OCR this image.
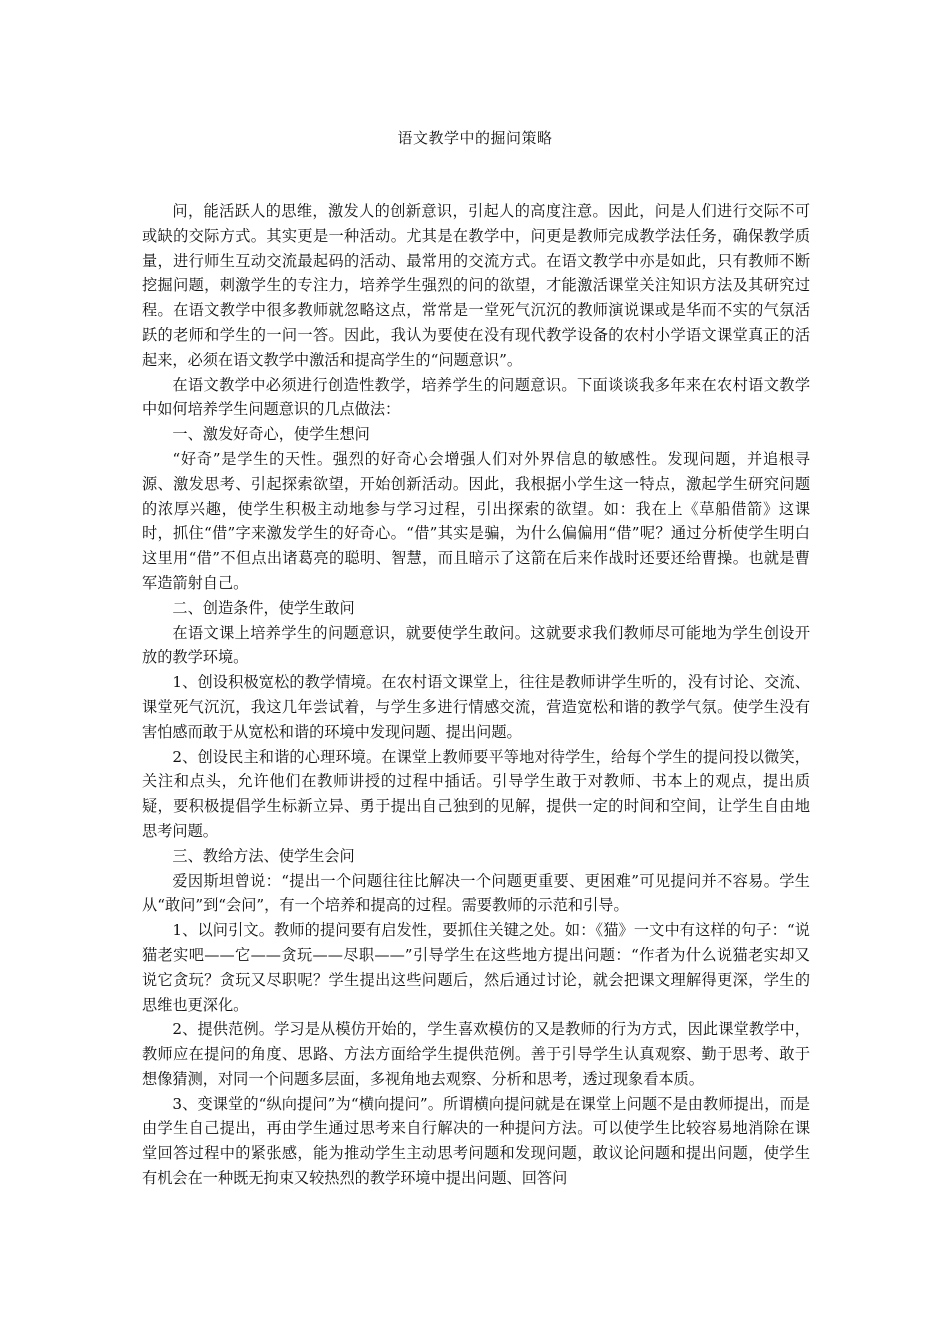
语文教学中的掘问策略

问，能活跃人的思维，激发人的创新意识，引起人的高度注意。因此，问是人们进行交际不可或缺的交际方式。其实更是一种活动。尤其是在教学中，问更是教师完成教学法任务，确保教学质量，进行师生互动交流最起码的活动、最常用的交流方式。在语文教学中亦是如此，只有教师不断挖掘问题，刺激学生的专注力，培养学生强烈的问的欲望，才能激活课堂关注知识方法及其研究过程。在语文教学中很多教师就忽略这点，常常是一堂死气沉沉的教师演说课或是华而不实的气氛活跃的老师和学生的一问一答。因此，我认为要使在没有现代教学设备的农村小学语文课堂真正的活起来，必须在语文教学中激活和提高学生的“问题意识”。

在语文教学中必须进行创造性教学，培养学生的问题意识。下面谈谈我多年来在农村语文教学中如何培养学生问题意识的几点做法：

一、激发好奇心，使学生想问

“好奇”是学生的天性。强烈的好奇心会增强人们对外界信息的敏感性。发现问题，并追根寻源、激发思考、引起探索欲望，开始创新活动。因此，我根据小学生这一特点，激起学生研究问题的浓厚兴趣，使学生积极主动地参与学习过程，引出探索的欲望。如：我在上《草船借箭》这课时，抓住“借”字来激发学生的好奇心。“借”其实是骗，为什么偏偏用“借”呢？通过分析使学生明白这里用“借”不但点出诸葛亮的聪明、智慧，而且暗示了这箭在后来作战时还要还给曹操。也就是曹军造箭射自己。

二、创造条件，使学生敢问

在语文课上培养学生的问题意识，就要使学生敢问。这就要求我们教师尽可能地为学生创设开放的教学环境。

1、创设积极宽松的教学情境。在农村语文课堂上，往往是教师讲学生听的，没有讨论、交流、课堂死气沉沉，我这几年尝试着，与学生多进行情感交流，营造宽松和谐的教学气氛。使学生没有害怕感而敢于从宽松和谐的环境中发现问题、提出问题。

2、创设民主和谐的心理环境。在课堂上教师要平等地对待学生，给每个学生的提问投以微笑，关注和点头，允许他们在教师讲授的过程中插话。引导学生敢于对教师、书本上的观点，提出质疑，要积极提倡学生标新立异、勇于提出自己独到的见解，提供一定的时间和空间，让学生自由地思考问题。

三、教给方法、使学生会问

爱因斯坦曾说：“提出一个问题往往比解决一个问题更重要、更困难”可见提问并不容易。学生从“敢问”到“会问”，有一个培养和提高的过程。需要教师的示范和引导。

1、以问引文。教师的提问要有启发性，要抓住关键之处。如：《猫》一文中有这样的句子：“说猫老实吧——它——贪玩——尽职——”引导学生在这些地方提出问题：“作者为什么说猫老实却又说它贪玩？贪玩又尽职呢？学生提出这些问题后，然后通过讨论，就会把课文理解得更深，学生的思维也更深化。

2、提供范例。学习是从模仿开始的，学生喜欢模仿的又是教师的行为方式，因此课堂教学中，教师应在提问的角度、思路、方法方面给学生提供范例。善于引导学生认真观察、勤于思考、敢于想像猜测，对同一个问题多层面，多视角地去观察、分析和思考，透过现象看本质。

3、变课堂的“纵向提问”为“横向提问”。所谓横向提问就是在课堂上问题不是由教师提出，而是由学生自己提出，再由学生通过思考来自行解决的一种提问方法。可以使学生比较容易地消除在课堂回答过程中的紧张感，能为推动学生主动思考问题和发现问题，敢议论问题和提出问题，使学生有机会在一种既无拘束又较热烈的教学环境中提出问题、回答问
